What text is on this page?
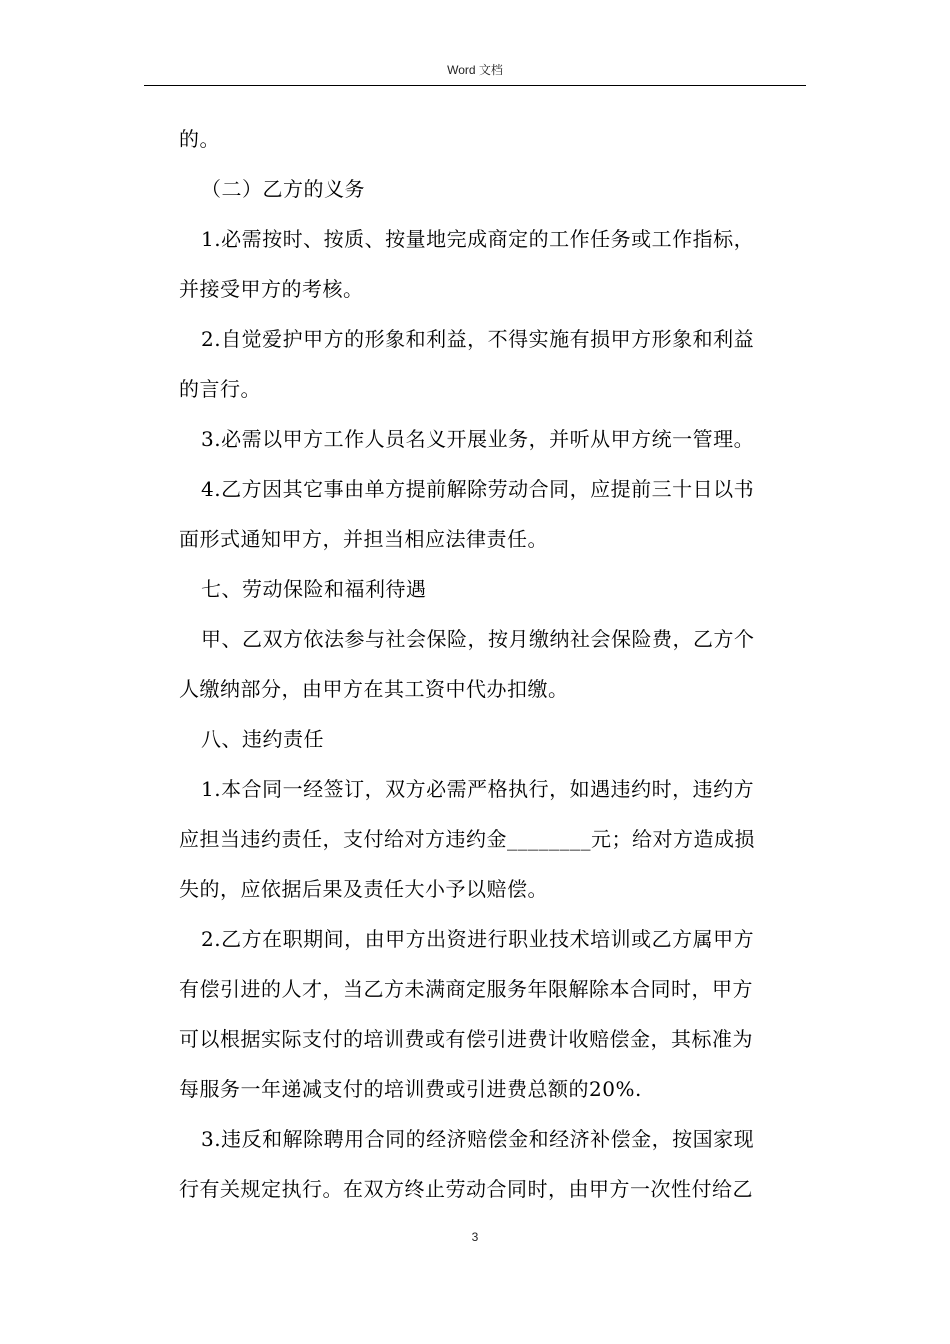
Word 文档
的。
（二）乙方的义务
1.必需按时、按质、按量地完成商定的工作任务或工作指标，
并接受甲方的考核。
2.自觉爱护甲方的形象和利益，不得实施有损甲方形象和利益
的言行。
3.必需以甲方工作人员名义开展业务，并听从甲方统一管理。
4.乙方因其它事由单方提前解除劳动合同，应提前三十日以书
面形式通知甲方，并担当相应法律责任。
七、劳动保险和福利待遇
甲、乙双方依法参与社会保险，按月缴纳社会保险费，乙方个
人缴纳部分，由甲方在其工资中代办扣缴。
八、违约责任
1.本合同一经签订，双方必需严格执行，如遇违约时，违约方
应担当违约责任，支付给对方违约金________元；给对方造成损
失的，应依据后果及责任大小予以赔偿。
2.乙方在职期间，由甲方出资进行职业技术培训或乙方属甲方
有偿引进的人才，当乙方未满商定服务年限解除本合同时，甲方
可以根据实际支付的培训费或有偿引进费计收赔偿金，其标准为
每服务一年递减支付的培训费或引进费总额的20%.
3.违反和解除聘用合同的经济赔偿金和经济补偿金，按国家现
行有关规定执行。在双方终止劳动合同时，由甲方一次性付给乙
3
